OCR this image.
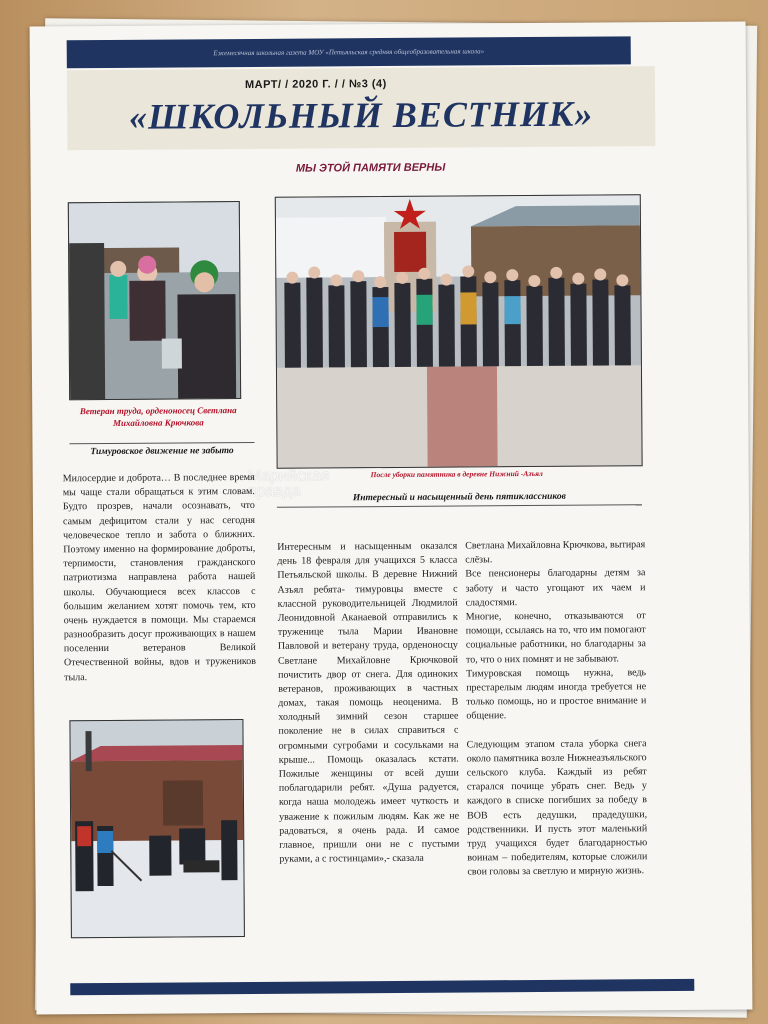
Ежемесячная школьная газета МОУ «Петьяльская средняя общеобразовательная школа»
МАРТ/ / 2020 Г. / / №3 (4)
«ШКОЛЬНЫЙ ВЕСТНИК»
МЫ ЭТОЙ ПАМЯТИ ВЕРНЫ
Ветеран труда, орденоносец Светлана Михайловна Крючкова
После уборки памятника в деревне Нижний -Азъял
Марийская
правда
Тимуровское движение не забыто
Интересный и насыщенный день пятиклассников
Милосердие и доброта… В последнее время мы чаще стали обращаться к этим словам. Будто прозрев, начали осознавать, что самым дефицитом стали у нас сегодня человеческое тепло и забота о ближних. Поэтому именно на формирование доброты, терпимости, становления гражданского патриотизма направлена работа нашей школы. Обучающиеся всех классов с большим желанием хотят помочь тем, кто очень нуждается в помощи. Мы стараемся разнообразить досуг проживающих в нашем поселении ветеранов Великой Отечественной войны, вдов и тружеников тыла.
Интересным и насыщенным оказался день 18 февраля для учащихся 5 класса Петьяльской школы. В деревне Нижний Азъял ребята- тимуровцы вместе с классной руководительницей Людмилой Леонидовной Аканаевой отправились к труженице тыла Марии Ивановне Павловой и ветерану труда, орденоносцу Светлане Михайловне Крючковой почистить двор от снега. Для одиноких ветеранов, проживающих в частных домах, такая помощь неоценима. В холодный зимний сезон старшее поколение не в силах справиться с огромными сугробами и сосульками на крыше... Помощь оказалась кстати. Пожилые женщины от всей души поблагодарили ребят. «Душа радуется, когда наша молодежь имеет чуткость и уважение к пожилым людям. Как же не радоваться, я очень рада. И самое главное, пришли они не с пустыми руками, а с гостинцами»,- сказала
Светлана Михайловна Крючкова, вытирая слёзы.
Все пенсионеры благодарны детям за заботу и часто угощают их чаем и сладостями.
Многие, конечно, отказываются от помощи, ссылаясь на то, что им помогают социальные работники, но благодарны за то, что о них помнят и не забывают.
Тимуровская помощь нужна, ведь престарелым людям иногда требуется не только помощь, но и простое внимание и общение.

Следующим этапом стала уборка снега около памятника возле Нижнеазъяльского сельского клуба. Каждый из ребят старался почище убрать снег. Ведь у каждого в списке погибших за победу в ВОВ есть дедушки, прадедушки, родственники. И пусть этот маленький труд учащихся будет благодарностью воинам – победителям, которые сложили свои головы за светлую и мирную жизнь.
